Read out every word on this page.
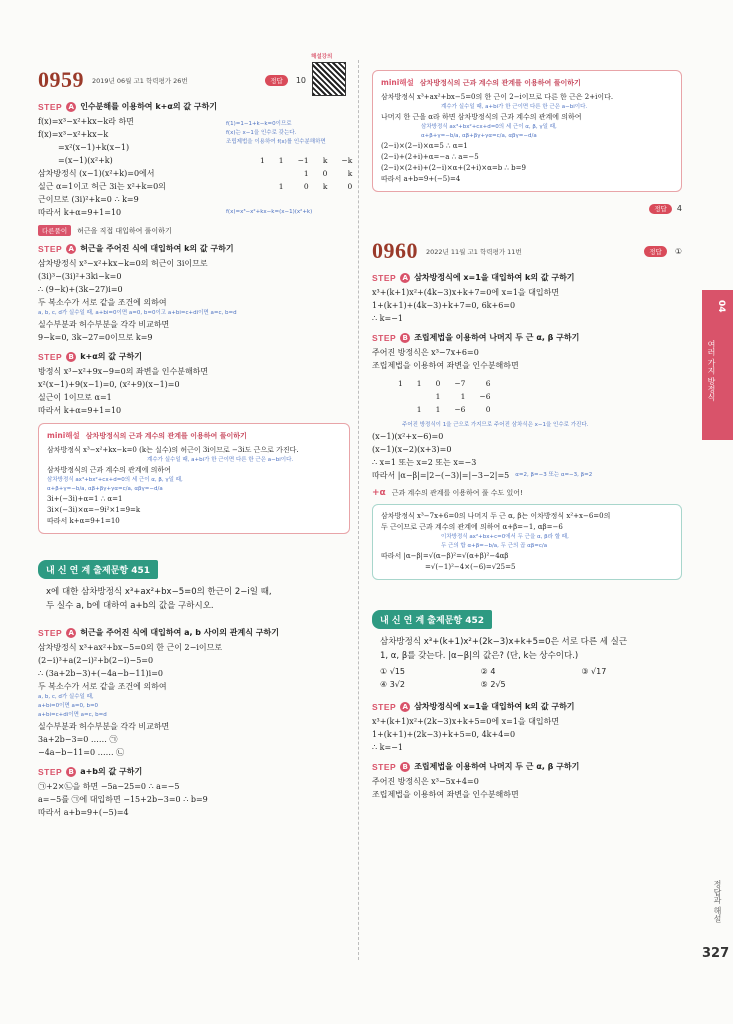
해설강의
0959 2019년 06월 고1 학력평가 26번	정답	10
STEP A 인수분해를 이용하여 k+α의 값 구하기
f(x)=x³−x²+kx−k라 하면
f(x)=x³−x²+kx−k
=x²(x−1)+k(x−1)
=(x−1)(x²+k)
삼차방정식 (x−1)(x²+k)=0에서
실근 α=1이고 허근 3i는 x²+k=0의
근이므로 (3i)²+k=0 ∴ k=9
따라서 k+α=9+1=10
f(1)=1−1+k−k=0이므로
f(x)는 x−1을 인수로 갖는다.
조립제법을 이용하여 f(x)를 인수분해하면
1	1	−1	k	−k
		1	0	k
	1	0	k	0
f(x)=x³−x²+kx−k=(x−1)(x²+k)
다른풀이	허근을 직접 대입하여 풀이하기
STEP A 허근을 주어진 식에 대입하여 k의 값 구하기
삼차방정식 x³−x²+kx−k=0의 허근이 3i이므로
(3i)³−(3i)²+3ki−k=0
∴ (9−k)+(3k−27)i=0
두 복소수가 서로 같을 조건에 의하여
a, b, c, d가 실수일 때, a+bi=0이면 a=0, b=0이고 a+bi=c+di이면 a=c, b=d
실수부분과 허수부분을 각각 비교하면
9−k=0, 3k−27=0이므로 k=9
STEP B k+α의 값 구하기
방정식 x³−x²+9x−9=0의 좌변을 인수분해하면
x²(x−1)+9(x−1)=0, (x²+9)(x−1)=0
실근이 1이므로 α=1
따라서 k+α=9+1=10
mini해설 삼차방정식의 근과 계수의 관계를 이용하여 풀이하기
삼차방정식 x³−x²+kx−k=0 (k는 실수)의 허근이 3i이므로 −3i도 근으로 가진다.
계수가 실수일 때, a+bi가 한 근이면 다른 한 근은 a−bi이다.
삼차방정식의 근과 계수의 관계에 의하여
삼차방정식 ax³+bx²+cx+d=0의 세 근이 α, β, γ일 때,
α+β+γ=−b/a, αβ+βγ+γα=c/a, αβγ=−d/a
3i+(−3i)+α=1 ∴ α=1
3i×(−3i)×α=−9i²×1=9=k
따라서 k+α=9+1=10
내 신 연 계 출제문항 451
x에 대한 삼차방정식 x³+ax²+bx−5=0의 한근이 2−i일 때,
두 실수 a, b에 대하여 a+b의 값을 구하시오.
STEP A 허근을 주어진 식에 대입하여 a, b 사이의 관계식 구하기
삼차방정식 x³+ax²+bx−5=0의 한 근이 2−i이므로
(2−i)³+a(2−i)²+b(2−i)−5=0
∴ (3a+2b−3)+(−4a−b−11)i=0
두 복소수가 서로 같을 조건에 의하여
a, b, c, d가 실수일 때,
a+bi=0이면 a=0, b=0
a+bi=c+di이면 a=c, b=d
실수부분과 허수부분을 각각 비교하면
3a+2b−3=0 …… ㉠
−4a−b−11=0 …… ㉡
STEP B a+b의 값 구하기
㉠+2×㉡을 하면 −5a−25=0 ∴ a=−5
a=−5를 ㉠에 대입하면 −15+2b−3=0 ∴ b=9
따라서 a+b=9+(−5)=4
mini해설 삼차방정식의 근과 계수의 관계를 이용하여 풀이하기
삼차방정식 x³+ax²+bx−5=0의 한 근이 2−i이므로 다른 한 근은 2+i이다.
계수가 실수일 때, a+bi가 한 근이면 다른 한 근은 a−bi이다.
나머지 한 근을 α라 하면 삼차방정식의 근과 계수의 관계에 의하여
삼차방정식 ax³+bx²+cx+d=0의 세 근이 α, β, γ일 때,
α+β+γ=−b/a, αβ+βγ+γα=c/a, αβγ=−d/a
(2−i)×(2−i)×α=5 ∴ α=1
(2−i)+(2+i)+α=−a ∴ a=−5
(2−i)×(2+i)+(2−i)×α+(2+i)×α=b ∴ b=9
따라서 a+b=9+(−5)=4
정답 4
0960 2022년 11월 고1 학력평가 11번	정답	①
STEP A 삼차방정식에 x=1을 대입하여 k의 값 구하기
x³+(k+1)x²+(4k−3)x+k+7=0에 x=1을 대입하면
1+(k+1)+(4k−3)+k+7=0, 6k+6=0
∴ k=−1
STEP B 조립제법을 이용하여 나머지 두 근 α, β 구하기
주어진 방정식은 x³−7x+6=0
조립제법을 이용하여 좌변을 인수분해하면
1	1	0	−7	6
		1	1	−6
	1	1	−6	0
주어진 방정식이 1을 근으로 가지므로 주어진 삼차식은 x−1을 인수로 가진다.
(x−1)(x²+x−6)=0
(x−1)(x−2)(x+3)=0
∴ x=1 또는 x=2 또는 x=−3
따라서 |α−β|=|2−(−3)|=|−3−2|=5 α=2, β=−3 또는 α=−3, β=2
+α 근과 계수의 관계를 이용하여 풀 수도 있어!
삼차방정식 x³−7x+6=0의 나머지 두 근 α, β는 이차방정식 x²+x−6=0의
두 근이므로 근과 계수의 관계에 의하여 α+β=−1, αβ=−6
이차방정식 ax²+bx+c=0에서 두 근을 α, β라 할 때,
두 근의 합 α+β=−b/a, 두 근의 곱 αβ=c/a
따라서 |α−β|=√(α−β)²=√(α+β)²−4αβ
=√(−1)²−4×(−6)=√25=5
내 신 연 계 출제문항 452
삼차방정식 x³+(k+1)x²+(2k−3)x+k+5=0은 서로 다른 세 실근
1, α, β를 갖는다. |α−β|의 값은? (단, k는 상수이다.)
① √15	② 4	③ √17
④ 3√2	⑤ 2√5
STEP A 삼차방정식에 x=1을 대입하여 k의 값 구하기
x³+(k+1)x²+(2k−3)x+k+5=0에 x=1을 대입하면
1+(k+1)+(2k−3)+k+5=0, 4k+4=0
∴ k=−1
STEP B 조립제법을 이용하여 나머지 두 근 α, β 구하기
주어진 방정식은 x³−5x+4=0
조립제법을 이용하여 좌변을 인수분해하면
04
여러 가지 방정식
정답과 해설
327
